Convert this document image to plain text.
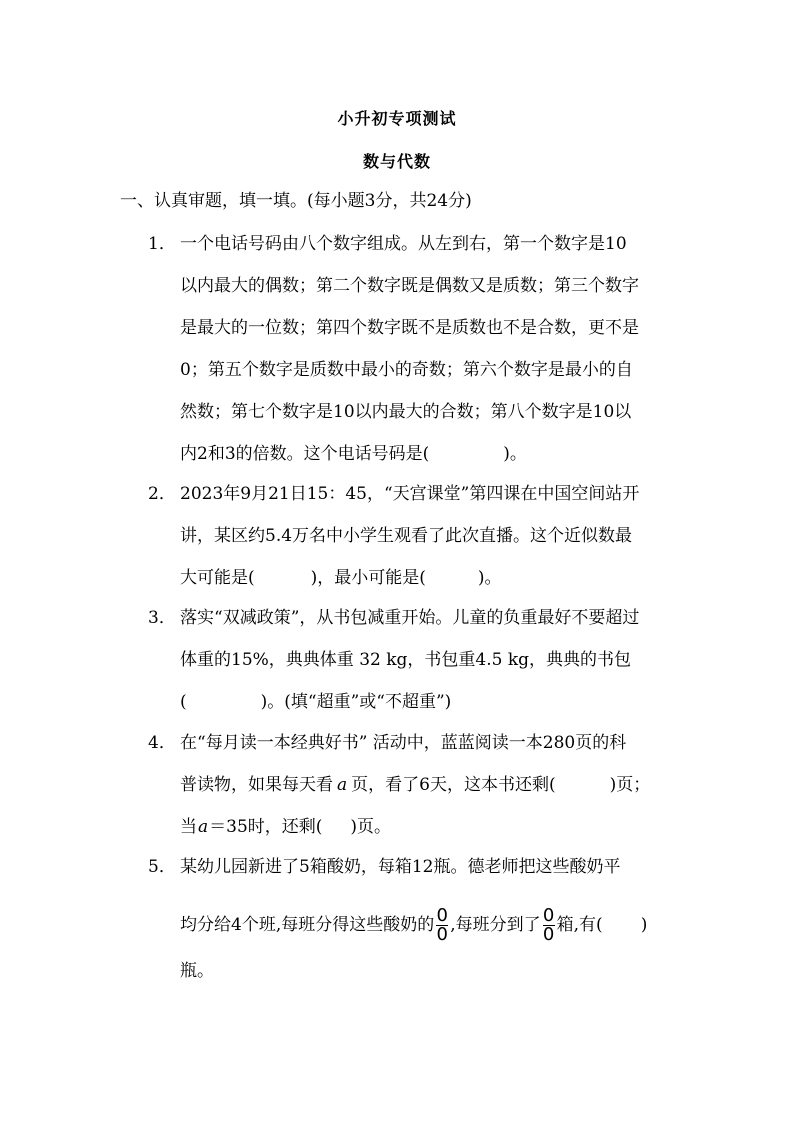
小升初专项测试
数与代数
一、认真审题，填一填。(每小题3分，共24分)
1． 一个电话号码由八个数字组成。从左到右，第一个数字是10
以内最大的偶数；第二个数字既是偶数又是质数；第三个数字
是最大的一位数；第四个数字既不是质数也不是合数，更不是
0；第五个数字是质数中最小的奇数；第六个数字是最小的自
然数；第七个数字是10以内最大的合数；第八个数字是10以
内2和3的倍数。这个电话号码是(	)。
2． 2023年9月21日15：45，“天宫课堂”第四课在中国空间站开
讲，某区约5.4万名中小学生观看了此次直播。这个近似数最
大可能是(	)，最小可能是(	)。
3． 落实“双减政策”，从书包减重开始。儿童的负重最好不要超过
体重的15%，典典体重 32 kg，书包重4.5 kg，典典的书包
(	)。(填“超重”或“不超重”)
4． 在“每月读一本经典好书” 活动中，蓝蓝阅读一本280页的科
普读物，如果每天看 a 页，看了6天，这本书还剩(	)页；
当 a ＝35时，还剩( )页。
5． 某幼儿园新进了5箱酸奶，每箱12瓶。德老师把这些酸奶平
均分给4个班,每班分得这些酸奶的 $\frac{0}{0}$ ,每班分到了 $\frac{0}{0}$ 箱,有( )
瓶。
